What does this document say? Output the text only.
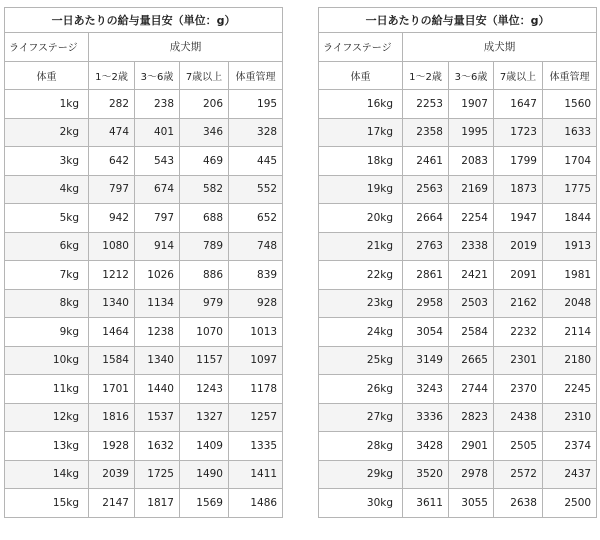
一日あたりの給与量目安（単位：g）				
ライフステージ	成犬期			
体重	1〜2歳	3〜6歳	7歳以上	体重管理
1kg	282	238	206	195
2kg	474	401	346	328
3kg	642	543	469	445
4kg	797	674	582	552
5kg	942	797	688	652
6kg	1080	914	789	748
7kg	1212	1026	886	839
8kg	1340	1134	979	928
9kg	1464	1238	1070	1013
10kg	1584	1340	1157	1097
11kg	1701	1440	1243	1178
12kg	1816	1537	1327	1257
13kg	1928	1632	1409	1335
14kg	2039	1725	1490	1411
15kg	2147	1817	1569	1486
一日あたりの給与量目安（単位：g）				
ライフステージ	成犬期			
体重	1〜2歳	3〜6歳	7歳以上	体重管理
16kg	2253	1907	1647	1560
17kg	2358	1995	1723	1633
18kg	2461	2083	1799	1704
19kg	2563	2169	1873	1775
20kg	2664	2254	1947	1844
21kg	2763	2338	2019	1913
22kg	2861	2421	2091	1981
23kg	2958	2503	2162	2048
24kg	3054	2584	2232	2114
25kg	3149	2665	2301	2180
26kg	3243	2744	2370	2245
27kg	3336	2823	2438	2310
28kg	3428	2901	2505	2374
29kg	3520	2978	2572	2437
30kg	3611	3055	2638	2500
